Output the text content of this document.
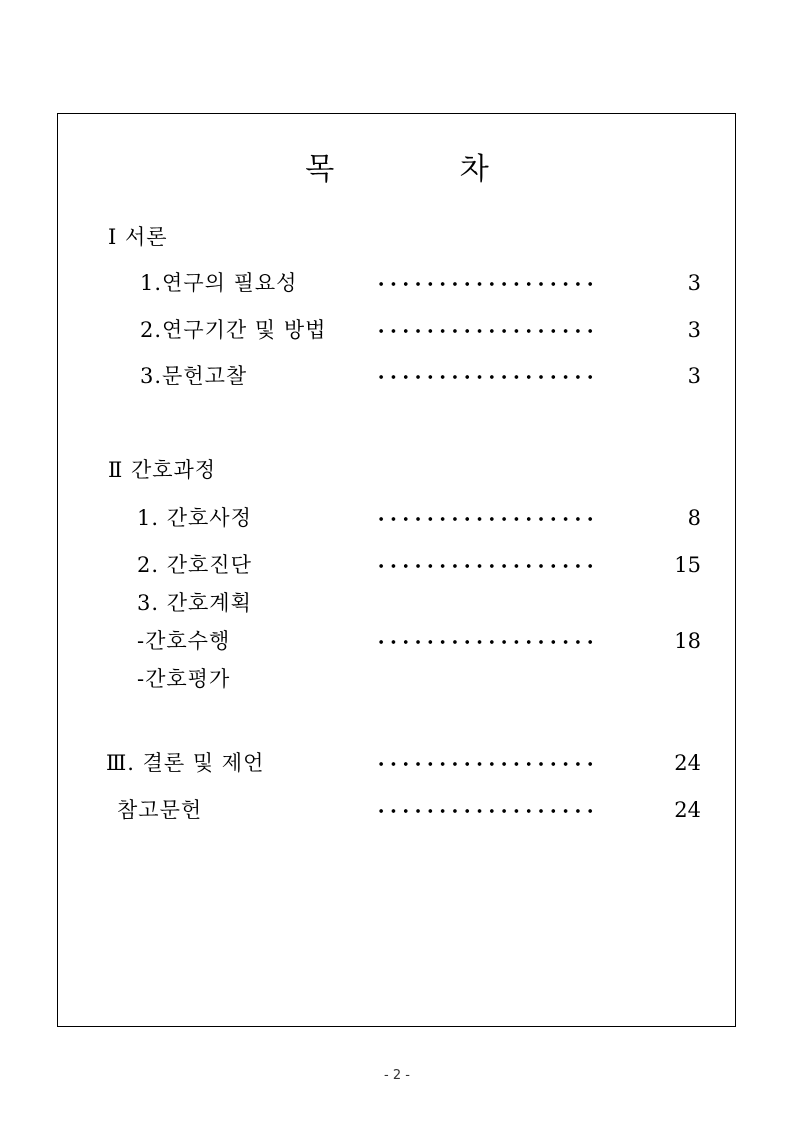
목 차
Ⅰ 서론
1.연구의 필요성	3
2.연구기간 및 방법	3
3.문헌고찰	3
Ⅱ 간호과정
1. 간호사정	8
2. 간호진단	15
3. 간호계획
-간호수행	18
-간호평가
Ⅲ. 결론 및 제언	24
참고문헌	24
- 2 -
